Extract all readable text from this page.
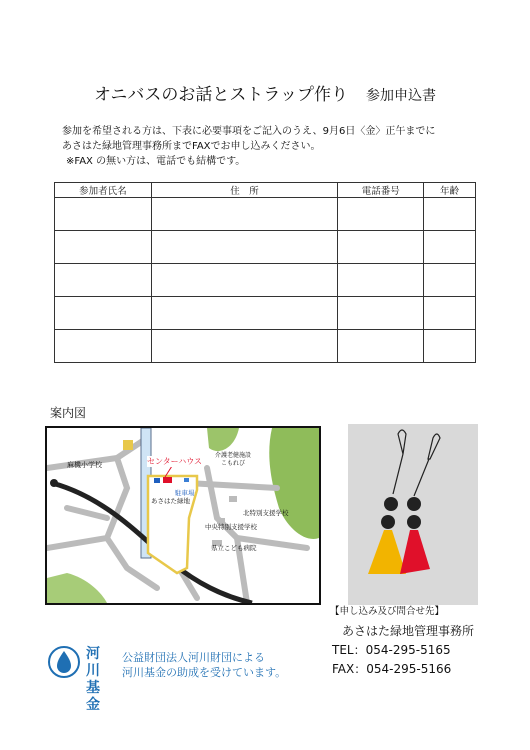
オニバスのお話とストラップ作り 参加申込書
参加を希望される方は、下表に必要事項をご記入のうえ、9月6日〈金〉正午までに
あさはた緑地管理事務所までFAXでお申し込みください。
※FAX の無い方は、電話でも結構です。
参加者氏名	住　所	電話番号	年齢

案内図
麻機小学校	センターハウス
駐車場
あさはた緑地
介護老健施設
こもれび
北特別支援学校
中央特別支援学校
県立こども病院
【申し込み及び問合せ先】
あさはた緑地管理事務所
TEL：054-295-5165
FAX：054-295-5166
河川基金
公益財団法人河川財団による
河川基金の助成を受けています。
